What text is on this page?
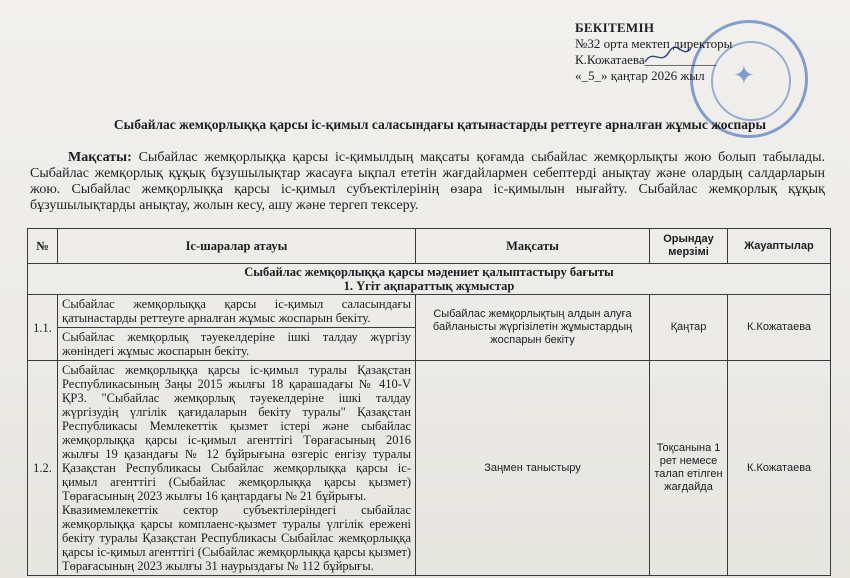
✦
БЕКІТЕМІН
№32 орта мектеп директоры
К.Кожатаева___________
«_5_» қаңтар 2026 жыл
Сыбайлас жемқорлыққа қарсы іс-қимыл саласындағы қатынастарды реттеуге арналған жұмыс жоспары
Мақсаты: Сыбайлас жемқорлыққа қарсы іс-қимылдың мақсаты қоғамда сыбайлас жемқорлықты жою болып табылады. Сыбайлас жемқорлық құқық бұзушылықтар жасауға ықпал ететін жағдайлармен себептерді анықтау және олардың салдарларын жою. Сыбайлас жемқорлыққа қарсы іс-қимыл субъектілерінің өзара іс-қимылын нығайту. Сыбайлас жемқорлық құқық бұзушылықтарды анықтау, жолын кесу, ашу және тергеп тексеру.
№	Іс-шаралар атауы	Мақсаты	Орындау мерзімі	Жауаптылар

Сыбайлас жемқорлыққа қарсы мәдениет қалыптастыру бағыты
1. Үгіт ақпараттық жұмыстар				

1.1.	Сыбайлас жемқорлыққа қарсы іс-қимыл саласындағы қатынастарды реттеуге арналған жұмыс жоспарын бекіту.	Сыбайлас жемқорлықтың алдын алуға байланысты жүргізілетін жұмыстардың жоспарын бекіту	Қаңтар	К.Кожатаева
	Сыбайлас жемқорлық тәуекелдеріне ішкі талдау жүргізу жөніндегі жұмыс жоспарын бекіту.			
1.2.	Сыбайлас жемқорлыққа қарсы іс-қимыл туралы Қазақстан Республикасының Заңы 2015 жылғы 18 қарашадағы № 410-V ҚРЗ. "Сыбайлас жемқорлық тәуекелдеріне ішкі талдау жүргізудің үлгілік қағидаларын бекіту туралы" Қазақстан Республикасы Мемлекеттік қызмет істері және сыбайлас жемқорлыққа қарсы іс-қимыл агенттігі Төрағасының 2016 жылғы 19 қазандағы № 12 бұйрығына өзгеріс енгізу туралы Қазақстан Республикасы Сыбайлас жемқорлыққа қарсы іс-қимыл агенттігі (Сыбайлас жемқорлыққа қарсы қызмет) Төрағасының 2023 жылғы 16 қаңтардағы № 21 бұйрығы.
Квазимемлекеттік сектор субъектілеріндегі сыбайлас жемқорлыққа қарсы комплаенс-қызмет туралы үлгілік ережені бекіту туралы Қазақстан Республикасы Сыбайлас жемқорлыққа қарсы іс-қимыл агенттігі (Сыбайлас жемқорлыққа қарсы қызмет) Төрағасының 2023 жылғы 31 наурыздағы № 112 бұйрығы.	Заңмен таныстыру	Тоқсанына 1 рет немесе талап етілген жағдайда	К.Кожатаева
